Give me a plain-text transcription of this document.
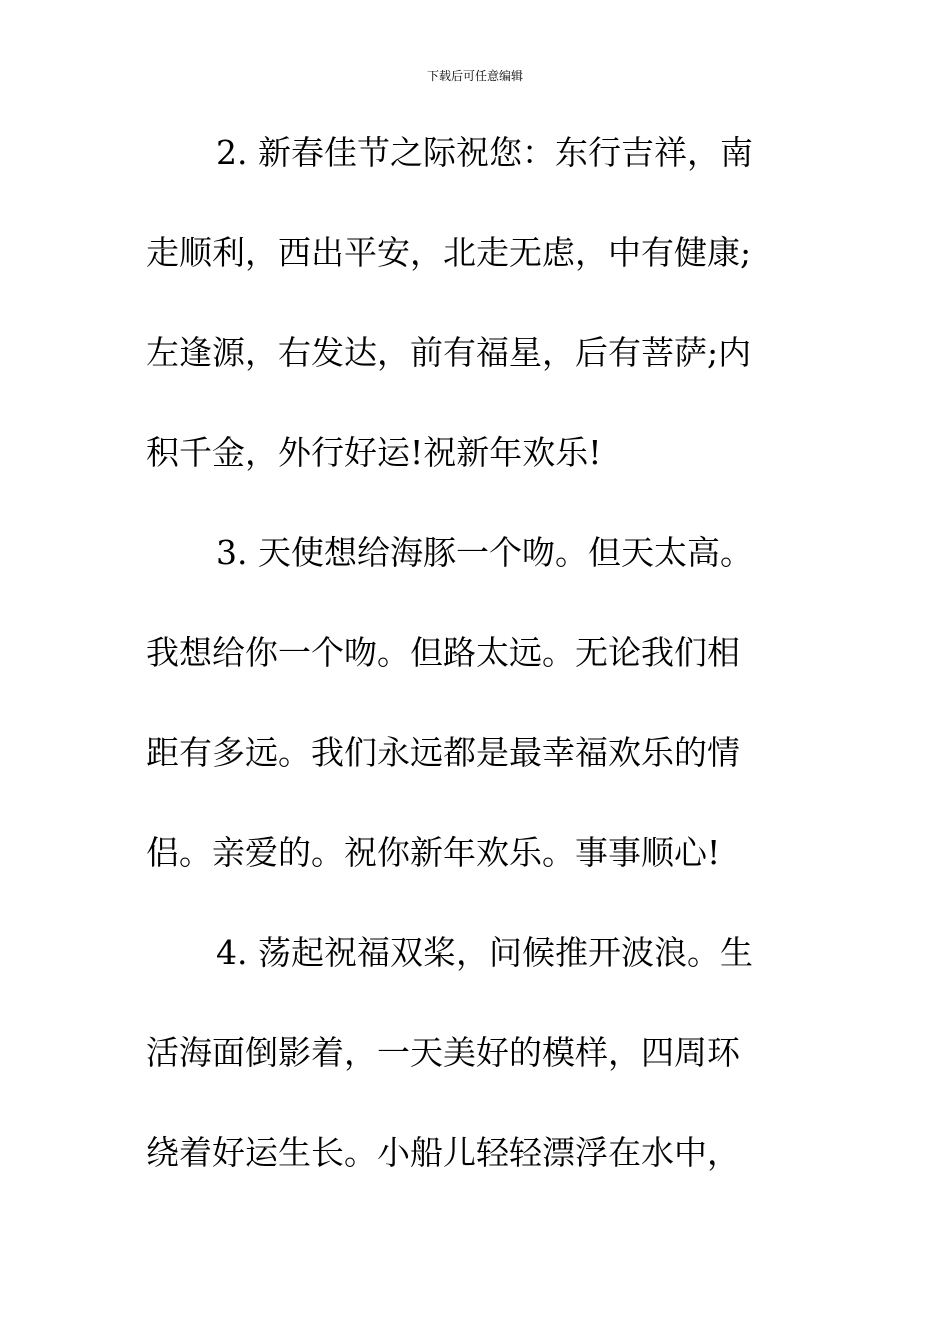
下载后可任意编辑
2. 新春佳节之际祝您：东行吉祥，南
走顺利，西出平安，北走无虑，中有健康;
左逢源，右发达，前有福星，后有菩萨;内
积千金，外行好运!祝新年欢乐!
3. 天使想给海豚一个吻。但天太高。
我想给你一个吻。但路太远。无论我们相
距有多远。我们永远都是最幸福欢乐的情
侣。亲爱的。祝你新年欢乐。事事顺心!
4. 荡起祝福双桨，问候推开波浪。生
活海面倒影着，一天美好的模样，四周环
绕着好运生长。小船儿轻轻漂浮在水中，
